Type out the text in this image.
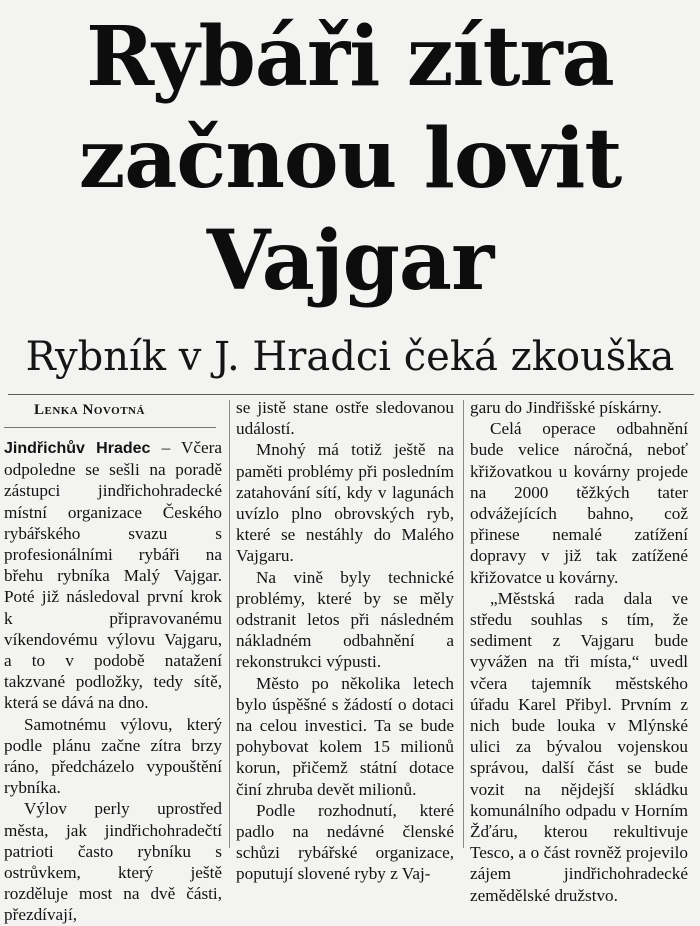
Rybáři zítra začnou lovit Vajgar
Rybník v J. Hradci čeká zkouška
Lenka Novotná

Jindřichův Hradec – Včera odpoledne se sešli na poradě zástupci jindřichohradecké místní organizace Českého rybářského svazu s profesionálními rybáři na břehu rybníka Malý Vajgar. Poté již následoval první krok k připravovanému víkendovému výlovu Vajgaru, a to v podobě natažení takzvané podložky, tedy sítě, která se dává na dno.

Samotnému výlovu, který podle plánu začne zítra brzy ráno, předcházelo vypouštění rybníka.

Výlov perly uprostřed města, jak jindřichohradečtí patrioti často rybníku s ostrůvkem, který ještě rozděluje most na dvě části, přezdívají,

se jistě stane ostře sledovanou událostí.

Mnohý má totiž ještě na paměti problémy při posledním zatahování sítí, kdy v lagunách uvízlo plno obrovských ryb, které se nestáhly do Malého Vajgaru.

Na vině byly technické problémy, které by se měly odstranit letos při následném nákladném odbahnění a rekonstrukci výpusti.

Město po několika letech bylo úspěšné s žádostí o dotaci na celou investici. Ta se bude pohybovat kolem 15 milionů korun, přičemž státní dotace činí zhruba devět milionů.

Podle rozhodnutí, které padlo na nedávné členské schůzi rybářské organizace, poputují slovené ryby z Vaj-

garu do Jindřišské pískárny.

Celá operace odbahnění bude velice náročná, neboť křižovatkou u kovárny projede na 2000 těžkých tater odvážejících bahno, což přinese nemalé zatížení dopravy v již tak zatížené křižovatce u kovárny.

„Městská rada dala ve středu souhlas s tím, že sediment z Vajgaru bude vyvážen na tři místa,“ uvedl včera tajemník městského úřadu Karel Přibyl. Prvním z nich bude louka v Mlýnské ulici za bývalou vojenskou správou, další část se bude vozit na nějdejší skládku komunálního odpadu v Horním Žďáru, kterou rekultivuje Tesco, a o část rovněž projevilo zájem jindřichohradecké zemědělské družstvo.
